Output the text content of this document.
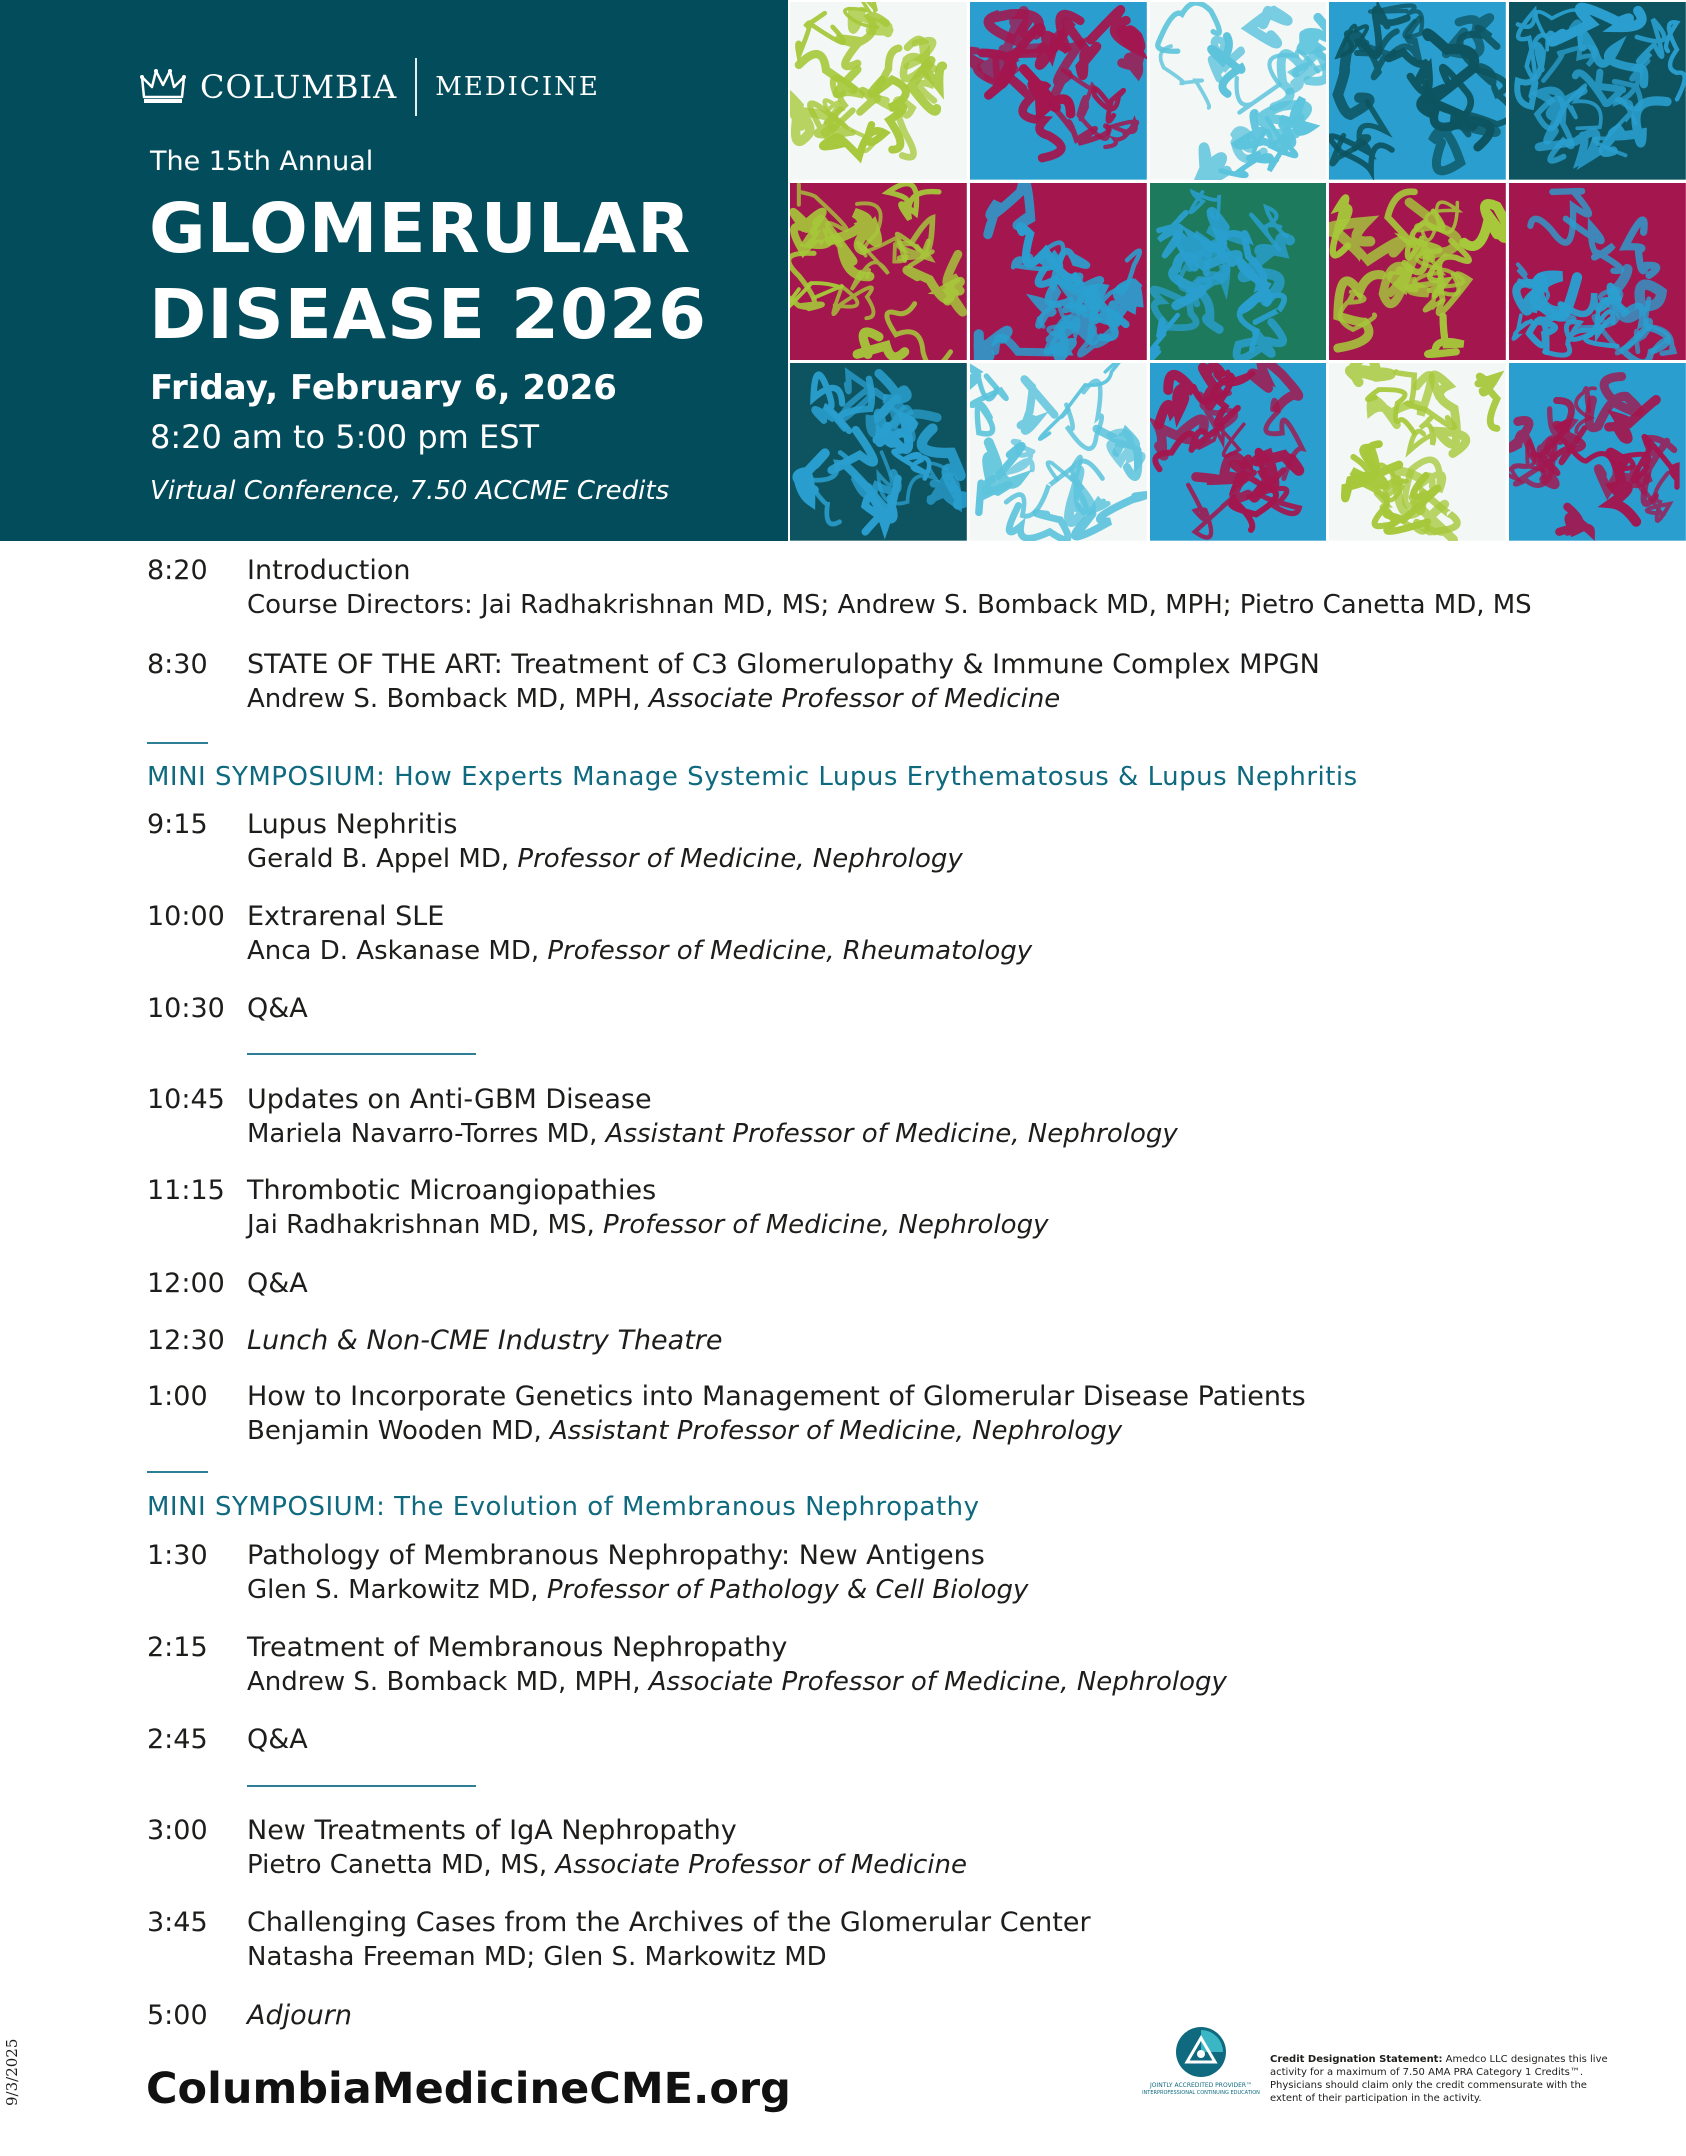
COLUMBIA MEDICINE
The 15th Annual
GLOMERULAR
DISEASE 2026
Friday, February 6, 2026
8:20 am to 5:00 pm EST
Virtual Conference, 7.50 ACCME Credits
8:20 Introduction
Course Directors: Jai Radhakrishnan MD, MS; Andrew S. Bomback MD, MPH; Pietro Canetta MD, MS
8:30 STATE OF THE ART: Treatment of C3 Glomerulopathy & Immune Complex MPGN
Andrew S. Bomback MD, MPH, Associate Professor of Medicine
MINI SYMPOSIUM: How Experts Manage Systemic Lupus Erythematosus & Lupus Nephritis
9:15 Lupus Nephritis
Gerald B. Appel MD, Professor of Medicine, Nephrology
10:00 Extrarenal SLE
Anca D. Askanase MD, Professor of Medicine, Rheumatology
10:30 Q&A
10:45 Updates on Anti-GBM Disease
Mariela Navarro-Torres MD, Assistant Professor of Medicine, Nephrology
11:15 Thrombotic Microangiopathies
Jai Radhakrishnan MD, MS, Professor of Medicine, Nephrology
12:00 Q&A
12:30 Lunch & Non-CME Industry Theatre
1:00 How to Incorporate Genetics into Management of Glomerular Disease Patients
Benjamin Wooden MD, Assistant Professor of Medicine, Nephrology
MINI SYMPOSIUM: The Evolution of Membranous Nephropathy
1:30 Pathology of Membranous Nephropathy: New Antigens
Glen S. Markowitz MD, Professor of Pathology & Cell Biology
2:15 Treatment of Membranous Nephropathy
Andrew S. Bomback MD, MPH, Associate Professor of Medicine, Nephrology
2:45 Q&A
3:00 New Treatments of IgA Nephropathy
Pietro Canetta MD, MS, Associate Professor of Medicine
3:45 Challenging Cases from the Archives of the Glomerular Center
Natasha Freeman MD; Glen S. Markowitz MD
5:00 Adjourn
9/3/2025	ColumbiaMedicineCME.org	JOINTLY ACCREDITED PROVIDER™
INTERPROFESSIONAL CONTINUING EDUCATION
Credit Designation Statement: Amedco LLC designates this live activity for a maximum of 7.50 AMA PRA Category 1 Credits™. Physicians should claim only the credit commensurate with the extent of their participation in the activity.
